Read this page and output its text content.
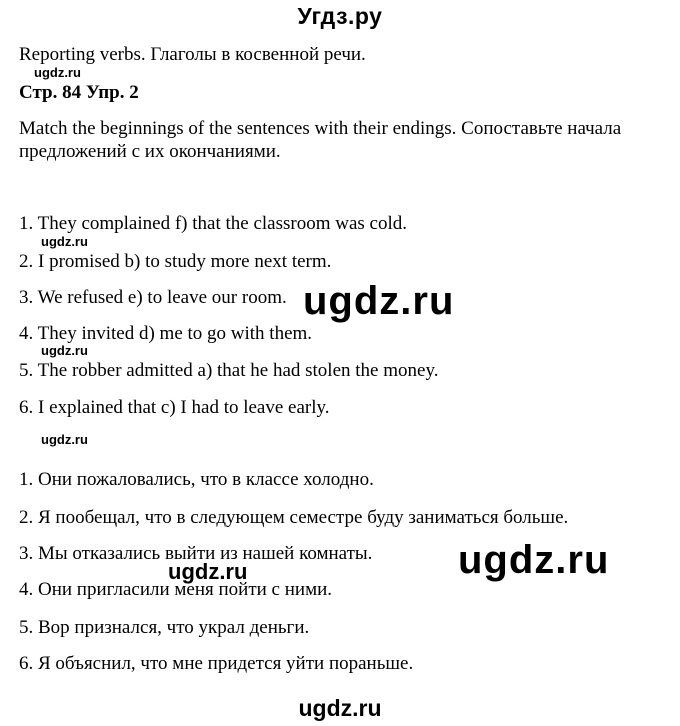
Угдз.ру
Reporting verbs. Глаголы в косвенной речи.
ugdz.ru
Стр. 84 Упр. 2
Match the beginnings of the sentences with their endings. Сопоставьте начала предложений с их окончаниями.
1. They complained f) that the classroom was cold.
ugdz.ru
2. I promised b) to study more next term.
3. We refused e) to leave our room.
4. They invited d) me to go with them.
ugdz.ru
5. The robber admitted a) that he had stolen the money.
6. I explained that c) I had to leave early.
ugdz.ru
ugdz.ru
1. Они пожаловались, что в классе холодно.
2. Я пообещал, что в следующем семестре буду заниматься больше.
3. Мы отказались выйти из нашей комнаты.
ugdz.ru
4. Они пригласили меня пойти с ними.
5. Вор признался, что украл деньги.
6. Я объяснил, что мне придется уйти пораньше.
ugdz.ru
ugdz.ru
